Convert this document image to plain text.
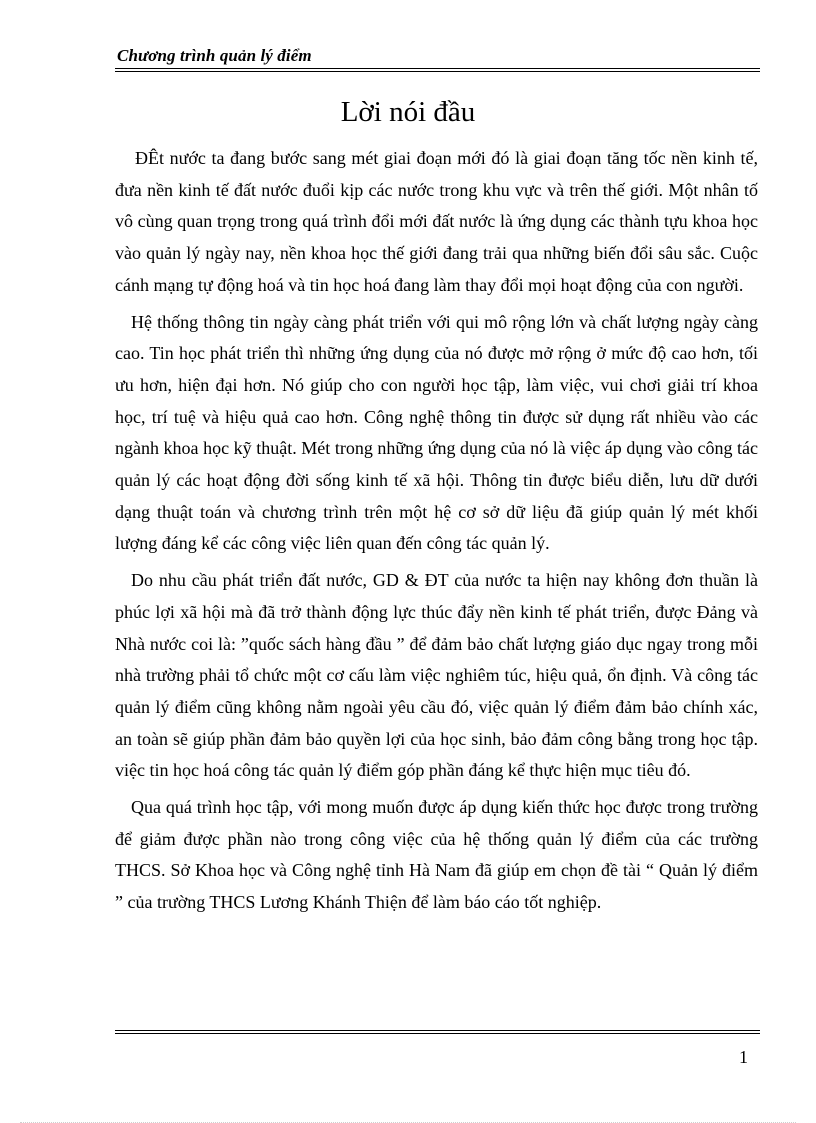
Chương trình quản lý điểm
Lời nói đầu

ĐÊt nước ta đang bước sang mét giai đoạn mới đó là giai đoạn tăng tốc nền kinh tế, đưa nền kinh tế đất nước đuổi kịp các nước trong khu vực và trên thế giới. Một nhân tố vô cùng quan trọng trong quá trình đổi mới đất nước là ứng dụng các thành tựu khoa học vào quản lý ngày nay, nền khoa học thế giới đang trải qua những biến đổi sâu sắc. Cuộc cánh mạng tự động hoá và tin học hoá đang làm thay đổi mọi hoạt động của con người.

Hệ thống thông tin ngày càng phát triển với qui mô rộng lớn và chất lượng ngày càng cao. Tin học phát triển thì những ứng dụng của nó được mở rộng ở mức độ cao hơn, tối ưu hơn, hiện đại hơn. Nó giúp cho con người học tập, làm việc, vui chơi giải trí khoa học, trí tuệ và hiệu quả cao hơn. Công nghệ thông tin được sử dụng rất nhiều vào các ngành khoa học kỹ thuật. Mét trong những ứng dụng của nó là việc áp dụng vào công tác quản lý các hoạt động đời sống kinh tế xã hội. Thông tin được biểu diễn, lưu dữ dưới dạng thuật toán và chương trình trên một hệ cơ sở dữ liệu đã giúp quản lý mét khối lượng đáng kể các công việc liên quan đến công tác quản lý.

Do nhu cầu phát triển đất nước, GD & ĐT của nước ta hiện nay không đơn thuần là phúc lợi xã hội mà đã trở thành động lực thúc đẩy nền kinh tế phát triển, được Đảng và Nhà nước coi là: ”quốc sách hàng đầu ” để đảm bảo chất lượng giáo dục ngay trong mỗi nhà trường phải tổ chức một cơ cấu làm việc nghiêm túc, hiệu quả, ổn định. Và công tác quản lý điểm cũng không nằm ngoài yêu cầu đó, việc quản lý điểm đảm bảo chính xác, an toàn sẽ giúp phần đảm bảo quyền lợi của học sinh, bảo đảm công bằng trong học tập. việc tin học hoá công tác quản lý điểm góp phần đáng kể thực hiện mục tiêu đó.

Qua quá trình học tập, với mong muốn được áp dụng kiến thức học được trong trường để giảm được phần nào trong công việc của hệ thống quản lý điểm của các trường THCS. Sở Khoa học và Công nghệ tỉnh Hà Nam đã giúp em chọn đề tài “ Quản lý điểm ” của trường THCS Lương Khánh Thiện để làm báo cáo tốt nghiệp.

1
